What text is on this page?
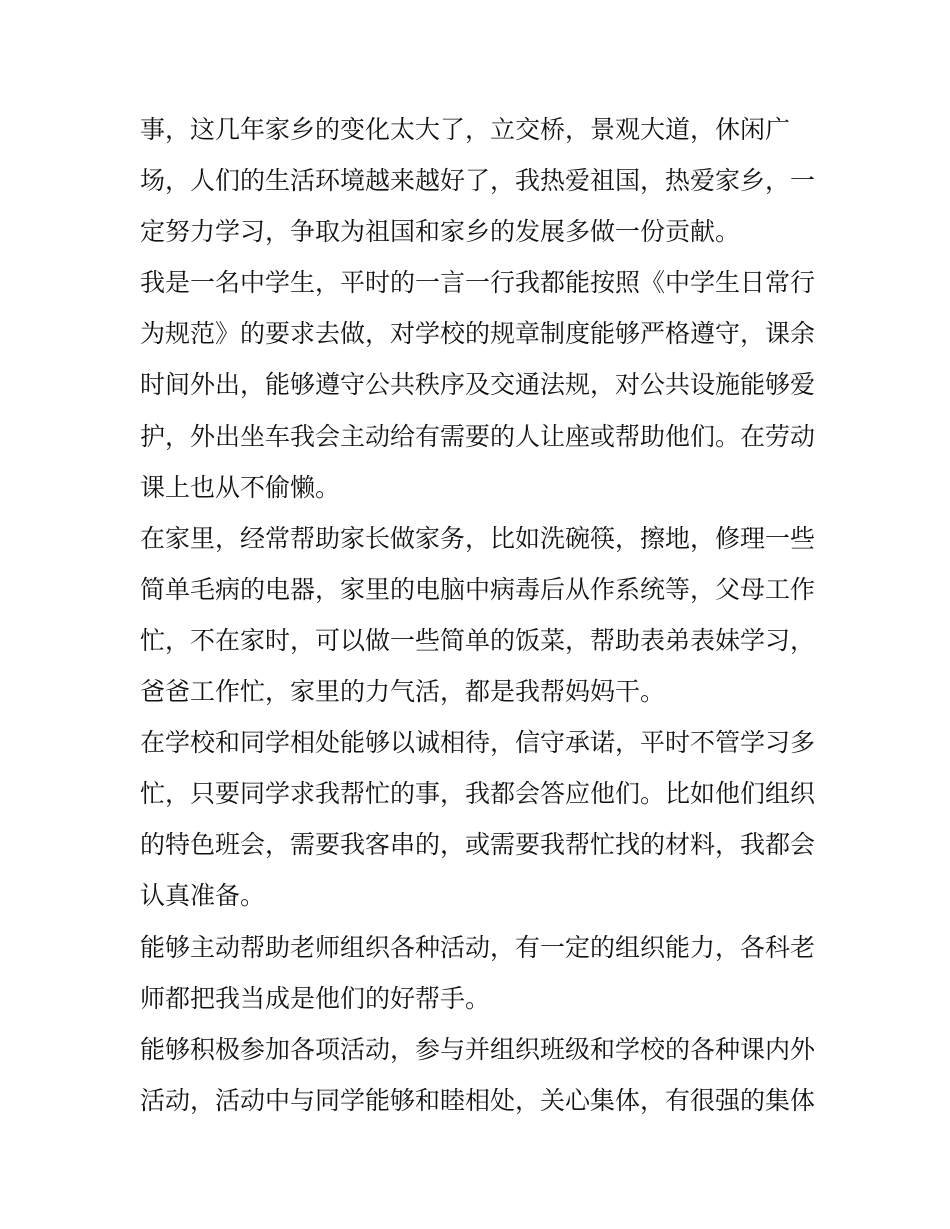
事，这几年家乡的变化太大了，立交桥，景观大道，休闲广
场，人们的生活环境越来越好了，我热爱祖国，热爱家乡，一
定努力学习，争取为祖国和家乡的发展多做一份贡献。

我是一名中学生，平时的一言一行我都能按照《中学生日常行
为规范》的要求去做，对学校的规章制度能够严格遵守，课余
时间外出，能够遵守公共秩序及交通法规，对公共设施能够爱
护，外出坐车我会主动给有需要的人让座或帮助他们。在劳动
课上也从不偷懒。

在家里，经常帮助家长做家务，比如洗碗筷，擦地，修理一些
简单毛病的电器，家里的电脑中病毒后从作系统等，父母工作
忙，不在家时，可以做一些简单的饭菜，帮助表弟表妹学习，
爸爸工作忙，家里的力气活，都是我帮妈妈干。

在学校和同学相处能够以诚相待，信守承诺，平时不管学习多
忙，只要同学求我帮忙的事，我都会答应他们。比如他们组织
的特色班会，需要我客串的，或需要我帮忙找的材料，我都会
认真准备。

能够主动帮助老师组织各种活动，有一定的组织能力，各科老
师都把我当成是他们的好帮手。

能够积极参加各项活动，参与并组织班级和学校的各种课内外
活动，活动中与同学能够和睦相处，关心集体，有很强的集体
